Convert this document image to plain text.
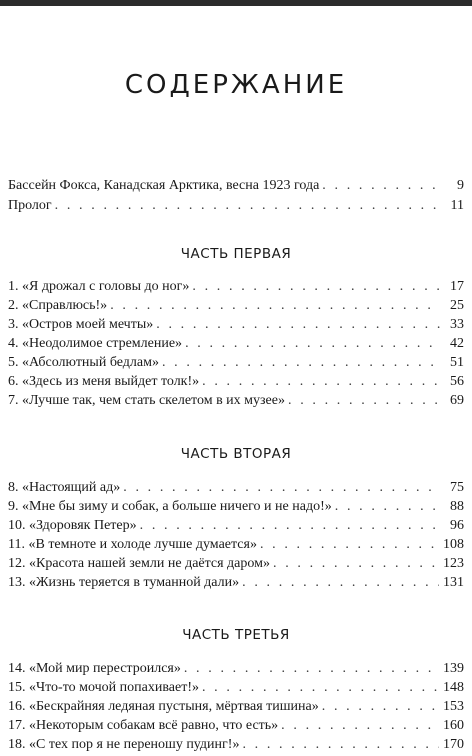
СОДЕРЖАНИЕ
Бассейн Фокса, Канадская Арктика, весна 1923 года . . .	9
Пролог . . .	11
ЧАСТЬ ПЕРВАЯ
1. «Я дрожал с головы до ног» . . .	17
2. «Справлюсь!» . . .	25
3. «Остров моей мечты» . . .	33
4. «Неодолимое стремление» . . .	42
5. «Абсолютный бедлам» . . .	51
6. «Здесь из меня выйдет толк!» . . .	56
7. «Лучше так, чем стать скелетом в их музее» . . .	69
ЧАСТЬ ВТОРАЯ
8. «Настоящий ад» . . .	75
9. «Мне бы зиму и собак, а больше ничего и не надо!» . . .	88
10. «Здоровяк Петер» . . .	96
11. «В темноте и холоде лучше думается» . . .	108
12. «Красота нашей земли не даётся даром» . . .	123
13. «Жизнь теряется в туманной дали» . . .	131
ЧАСТЬ ТРЕТЬЯ
14. «Мой мир перестроился» . . .	139
15. «Что-то мочой попахивает!» . . .	148
16. «Бескрайняя ледяная пустыня, мёртвая тишина» . . .	153
17. «Некоторым собакам всё равно, что есть» . . .	160
18. «С тех пор я не переношу пудинг!» . . .	170
